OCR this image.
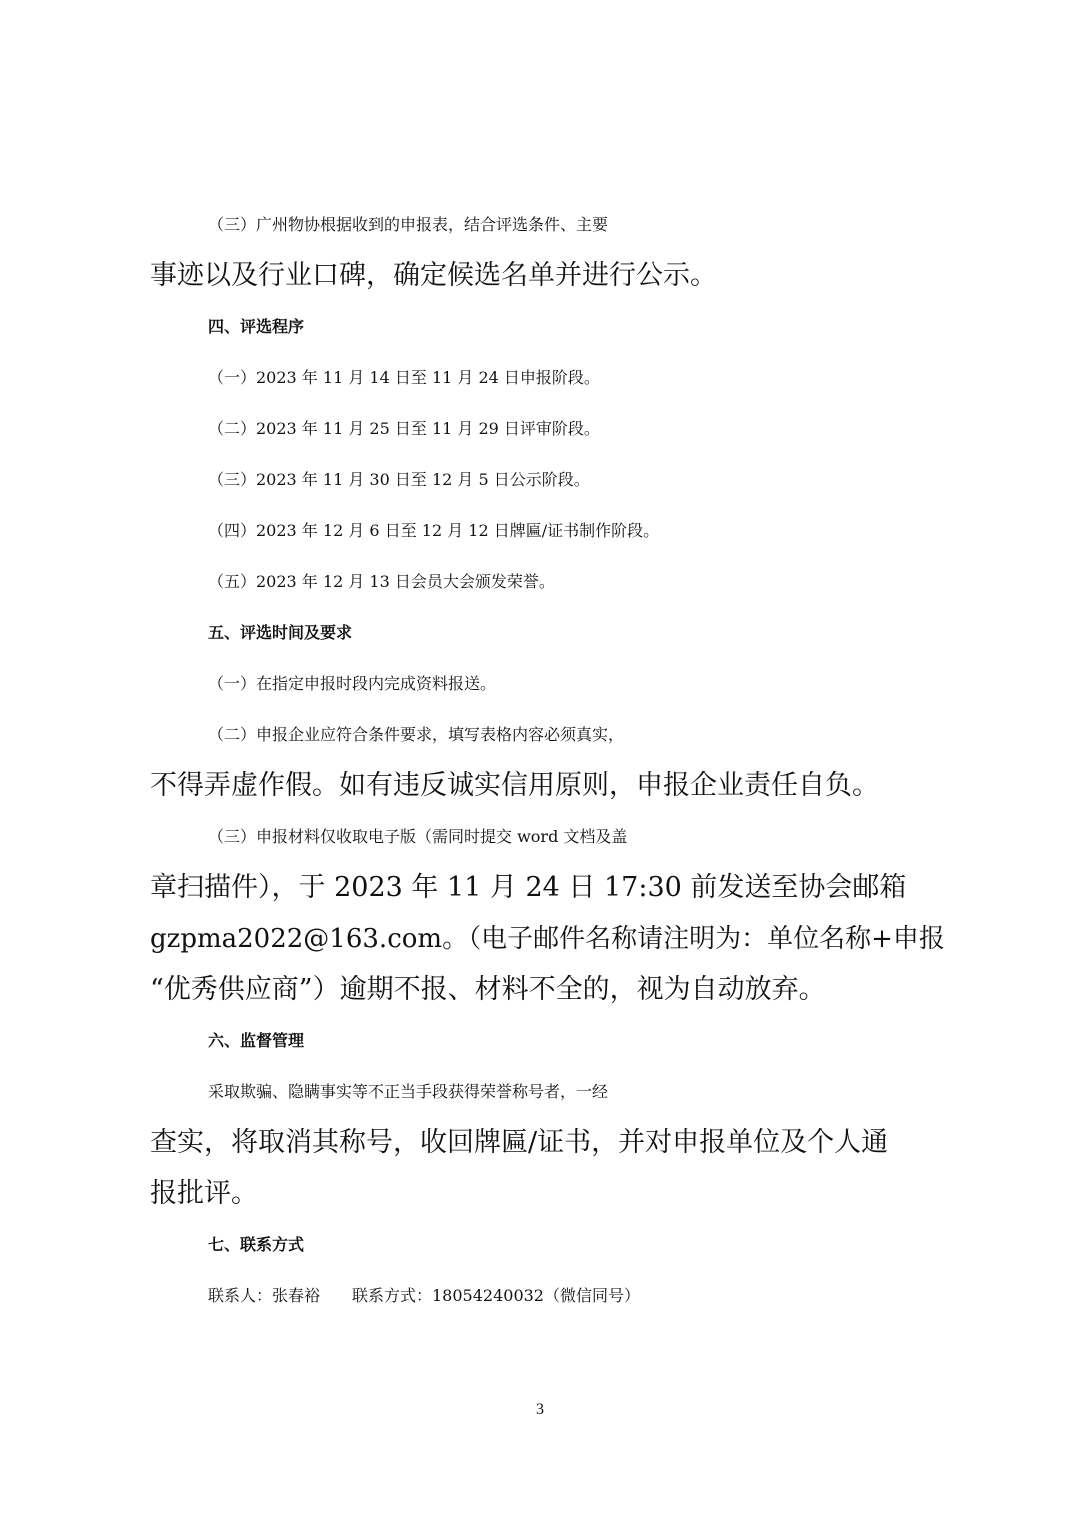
（三）广州物协根据收到的申报表，结合评选条件、主要
事迹以及行业口碑，确定候选名单并进行公示。
四、评选程序
（一）2023 年 11 月 14 日至 11 月 24 日申报阶段。
（二）2023 年 11 月 25 日至 11 月 29 日评审阶段。
（三）2023 年 11 月 30 日至 12 月 5 日公示阶段。
（四）2023 年 12 月 6 日至 12 月 12 日牌匾/证书制作阶段。
（五）2023 年 12 月 13 日会员大会颁发荣誉。
五、评选时间及要求
（一）在指定申报时段内完成资料报送。
（二）申报企业应符合条件要求，填写表格内容必须真实，
不得弄虚作假。如有违反诚实信用原则，申报企业责任自负。
（三）申报材料仅收取电子版（需同时提交 word 文档及盖
章扫描件），于 2023 年 11 月 24 日 17:30 前发送至协会邮箱
gzpma2022@163.com。（电子邮件名称请注明为：单位名称+申报
“优秀供应商”）逾期不报、材料不全的，视为自动放弃。
六、监督管理
采取欺骗、隐瞒事实等不正当手段获得荣誉称号者，一经
查实，将取消其称号，收回牌匾/证书，并对申报单位及个人通
报批评。
七、联系方式
联系人：张春裕　　联系方式：18054240032（微信同号）
3
